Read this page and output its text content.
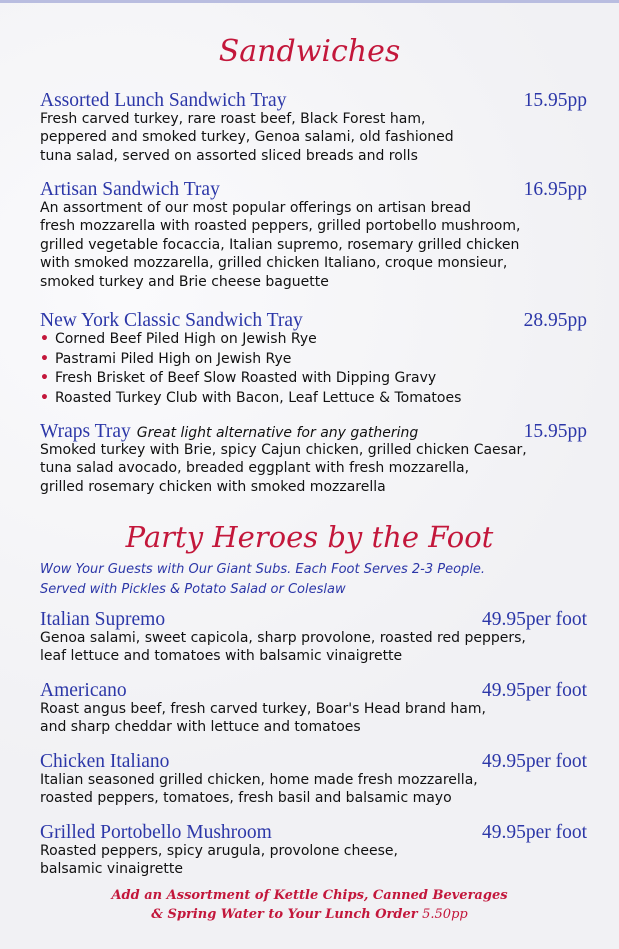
Sandwiches
Assorted Lunch Sandwich Tray	15.95pp
Fresh carved turkey, rare roast beef, Black Forest ham,
peppered and smoked turkey, Genoa salami, old fashioned
tuna salad, served on assorted sliced breads and rolls
Artisan Sandwich Tray	16.95pp
An assortment of our most popular offerings on artisan bread
fresh mozzarella with roasted peppers, grilled portobello mushroom,
grilled vegetable focaccia, Italian supremo, rosemary grilled chicken
with smoked mozzarella, grilled chicken Italiano, croque monsieur,
smoked turkey and Brie cheese baguette
New York Classic Sandwich Tray	28.95pp
• Corned Beef Piled High on Jewish Rye
• Pastrami Piled High on Jewish Rye
• Fresh Brisket of Beef Slow Roasted with Dipping Gravy
• Roasted Turkey Club with Bacon, Leaf Lettuce & Tomatoes
Wraps Tray Great light alternative for any gathering	15.95pp
Smoked turkey with Brie, spicy Cajun chicken, grilled chicken Caesar,
tuna salad avocado, breaded eggplant with fresh mozzarella,
grilled rosemary chicken with smoked mozzarella
Party Heroes by the Foot
Wow Your Guests with Our Giant Subs. Each Foot Serves 2-3 People.
Served with Pickles & Potato Salad or Coleslaw
Italian Supremo	49.95per foot
Genoa salami, sweet capicola, sharp provolone, roasted red peppers,
leaf lettuce and tomatoes with balsamic vinaigrette
Americano	49.95per foot
Roast angus beef, fresh carved turkey, Boar's Head brand ham,
and sharp cheddar with lettuce and tomatoes
Chicken Italiano	49.95per foot
Italian seasoned grilled chicken, home made fresh mozzarella,
roasted peppers, tomatoes, fresh basil and balsamic mayo
Grilled Portobello Mushroom	49.95per foot
Roasted peppers, spicy arugula, provolone cheese,
balsamic vinaigrette
Add an Assortment of Kettle Chips, Canned Beverages
& Spring Water to Your Lunch Order 5.50pp
